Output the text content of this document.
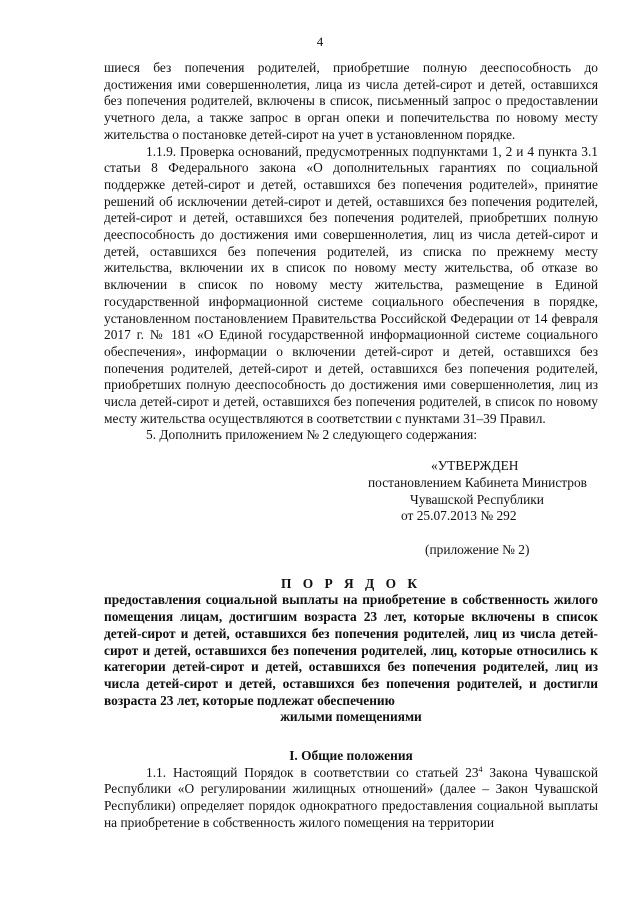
4

шиеся без попечения родителей, приобретшие полную дееспособность до достижения ими совершеннолетия, лица из числа детей-сирот и детей, оставшихся без попечения родителей, включены в список, письменный запрос о предоставлении учетного дела, а также запрос в орган опеки и попечительства по новому месту жительства о постановке детей-сирот на учет в установленном порядке.

1.1.9. Проверка оснований, предусмотренных подпунктами 1, 2 и 4 пункта 3.1 статьи 8 Федерального закона «О дополнительных гарантиях по социальной поддержке детей-сирот и детей, оставшихся без попечения родителей», принятие решений об исключении детей-сирот и детей, оставшихся без попечения родителей, детей-сирот и детей, оставшихся без попечения родителей, приобретших полную дееспособность до достижения ими совершеннолетия, лиц из числа детей-сирот и детей, оставшихся без попечения родителей, из списка по прежнему месту жительства, включении их в список по новому месту жительства, об отказе во включении в список по новому месту жительства, размещение в Единой государственной информационной системе социального обеспечения в порядке, установленном постановлением Правительства Российской Федерации от 14 февраля 2017 г. № 181 «О Единой государственной информационной системе социального обеспечения», информации о включении детей-сирот и детей, оставшихся без попечения родителей, детей-сирот и детей, оставшихся без попечения родителей, приобретших полную дееспособность до достижения ими совершеннолетия, лиц из числа детей-сирот и детей, оставшихся без попечения родителей, в список по новому месту жительства осуществляются в соответствии с пунктами 31–39 Правил.

5. Дополнить приложением № 2 следующего содержания:

«УТВЕРЖДЕН
постановлением Кабинета Министров
Чувашской Республики
от 25.07.2013 № 292
(приложение № 2)
П О Р Я Д О К
предоставления социальной выплаты на приобретение в собственность жилого помещения лицам, достигшим возраста 23 лет, которые включены в список детей-сирот и детей, оставшихся без попечения родителей, лиц из числа детей-сирот и детей, оставшихся без попечения родителей, лиц, которые относились к категории детей-сирот и детей, оставшихся без попечения родителей, лиц из числа детей-сирот и детей, оставшихся без попечения родителей, и достигли возраста 23 лет, которые подлежат обеспечению
жилыми помещениями
I. Общие положения

1.1. Настоящий Порядок в соответствии со статьей $23^4$ Закона Чувашской Республики «О регулировании жилищных отношений» (далее – Закон Чувашской Республики) определяет порядок однократного предоставления социальной выплаты на приобретение в собственность жилого помещения на территории
